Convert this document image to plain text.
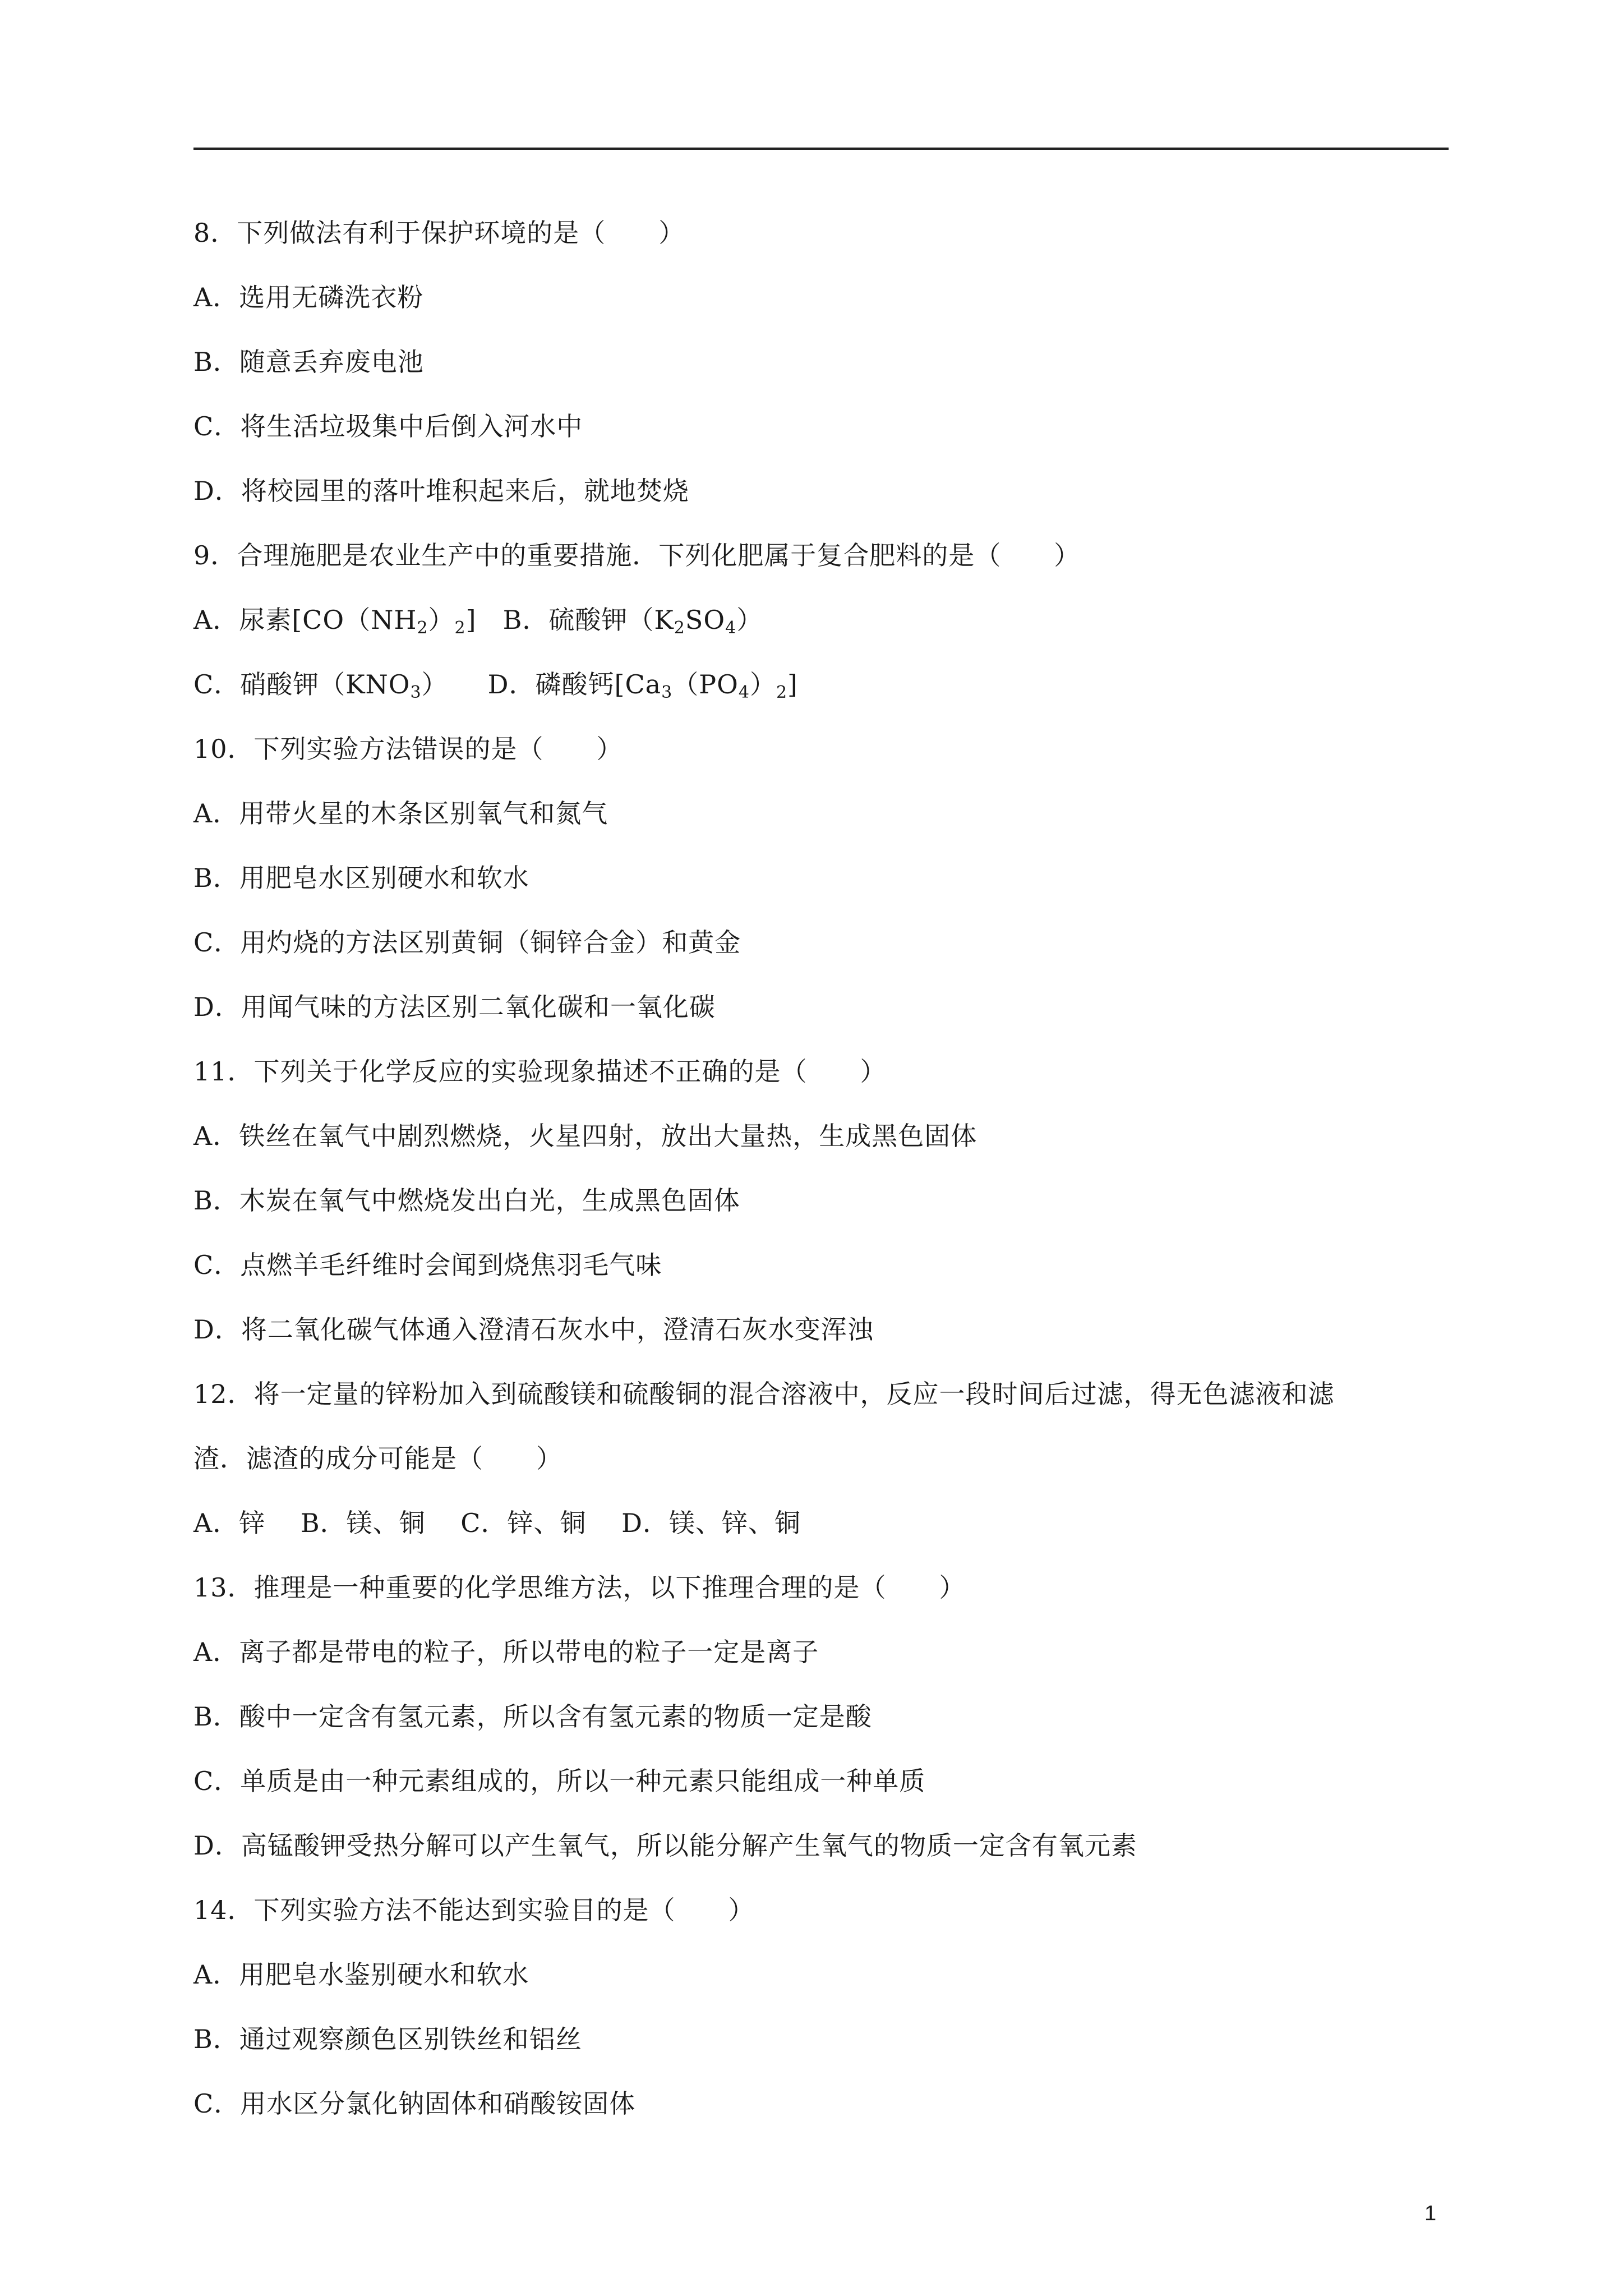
8．下列做法有利于保护环境的是（　　）
A．选用无磷洗衣粉
B．随意丢弃废电池
C．将生活垃圾集中后倒入河水中
D．将校园里的落叶堆积起来后，就地焚烧
9．合理施肥是农业生产中的重要措施．下列化肥属于复合肥料的是（　　）
A．尿素$[CO(NH_2)_2]$　B．硫酸钾$(K_2SO_4)$
C．硝酸钾$(KNO_3)$　　D．磷酸钙$[Ca_3(PO_4)_2]$
10．下列实验方法错误的是（　　）
A．用带火星的木条区别氧气和氮气
B．用肥皂水区别硬水和软水
C．用灼烧的方法区别黄铜（铜锌合金）和黄金
D．用闻气味的方法区别二氧化碳和一氧化碳
11．下列关于化学反应的实验现象描述不正确的是（　　）
A．铁丝在氧气中剧烈燃烧，火星四射，放出大量热，生成黑色固体
B．木炭在氧气中燃烧发出白光，生成黑色固体
C．点燃羊毛纤维时会闻到烧焦羽毛气味
D．将二氧化碳气体通入澄清石灰水中，澄清石灰水变浑浊
12．将一定量的锌粉加入到硫酸镁和硫酸铜的混合溶液中，反应一段时间后过滤，得无色滤液和滤
渣．滤渣的成分可能是（　　）
A．锌　 B．镁、铜　 C．锌、铜　 D．镁、锌、铜
13．推理是一种重要的化学思维方法，以下推理合理的是（　　）
A．离子都是带电的粒子，所以带电的粒子一定是离子
B．酸中一定含有氢元素，所以含有氢元素的物质一定是酸
C．单质是由一种元素组成的，所以一种元素只能组成一种单质
D．高锰酸钾受热分解可以产生氧气，所以能分解产生氧气的物质一定含有氧元素
14．下列实验方法不能达到实验目的是（　　）
A．用肥皂水鉴别硬水和软水
B．通过观察颜色区别铁丝和铝丝
C．用水区分氯化钠固体和硝酸铵固体
1
